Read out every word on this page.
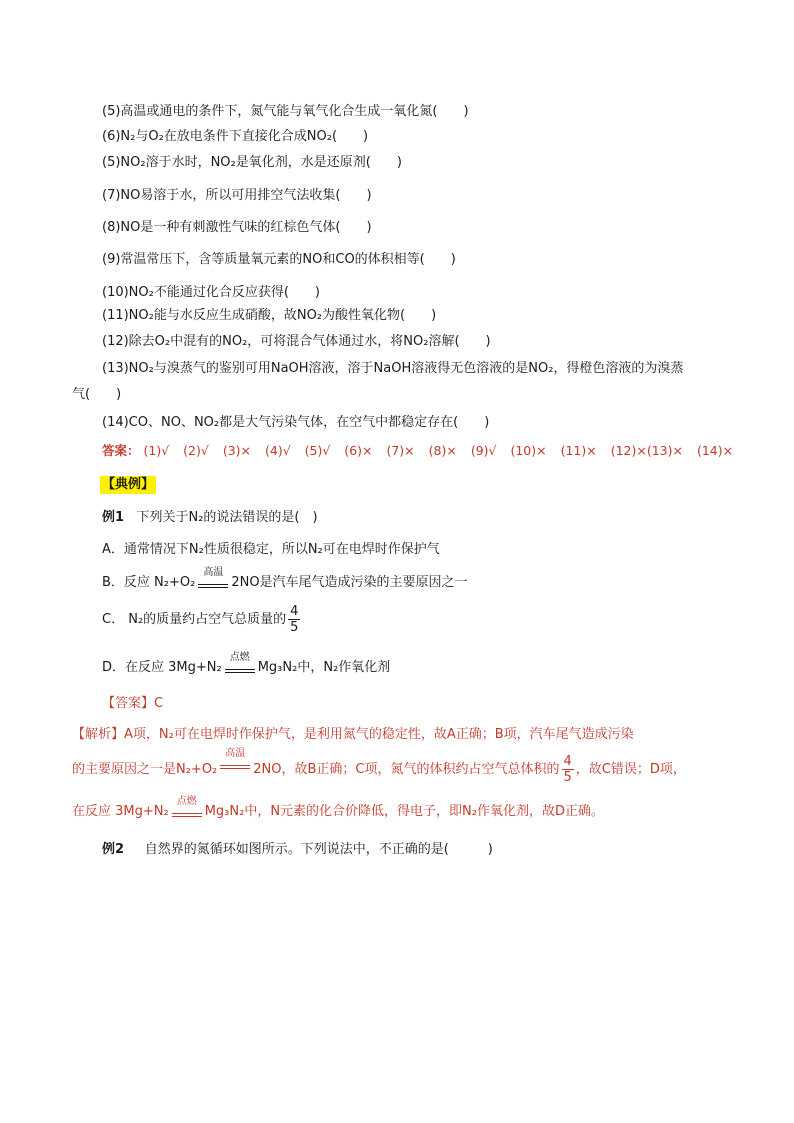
(5)高温或通电的条件下，氮气能与氧气化合生成一氧化氮(　　)
(6)N₂与O₂在放电条件下直接化合成NO₂(　　)
(5)NO₂溶于水时，NO₂是氧化剂，水是还原剂(　　)
(7)NO易溶于水，所以可用排空气法收集(　　)
(8)NO是一种有刺激性气味的红棕色气体(　　)
(9)常温常压下，含等质量氧元素的NO和CO的体积相等(　　)
(10)NO₂不能通过化合反应获得(　　)
(11)NO₂能与水反应生成硝酸，故NO₂为酸性氧化物(　　)
(12)除去O₂中混有的NO₂，可将混合气体通过水，将NO₂溶解(　　)
(13)NO₂与溴蒸气的鉴别可用NaOH溶液，溶于NaOH溶液得无色溶液的是NO₂，得橙色溶液的为溴蒸
气(　　)
(14)CO、NO、NO₂都是大气污染气体，在空气中都稳定存在(　　)
答案： (1)√ (2)√ (3)× (4)√ (5)√ (6)× (7)× (8)× (9)√ (10)× (11)× (12)×(13)× (14)×
【典例】
例1 下列关于N₂的说法错误的是(　)
A．通常情况下N₂性质很稳定，所以N₂可在电焊时作保护气
B．反应 N₂+O₂
高温
2NO是汽车尾气造成污染的主要原因之一
C． N₂的质量约占空气总质量的 $\frac{4}{5}$
D．在反应 3Mg+N₂
点燃
Mg₃N₂中，N₂作氧化剂
【答案】C
【解析】A项，N₂可在电焊时作保护气，是利用氮气的稳定性，故A正确；B项，汽车尾气造成污染
的主要原因之一是N₂+O₂
高温
2NO，故B正确；C项，氮气的体积约占空气总体积的 $\frac{4}{5}$ ，故C错误；D项，
在反应 3Mg+N₂
点燃
Mg₃N₂中，N元素的化合价降低，得电子，即N₂作氧化剂，故D正确。
例2 自然界的氮循环如图所示。下列说法中，不正确的是(　　　)
